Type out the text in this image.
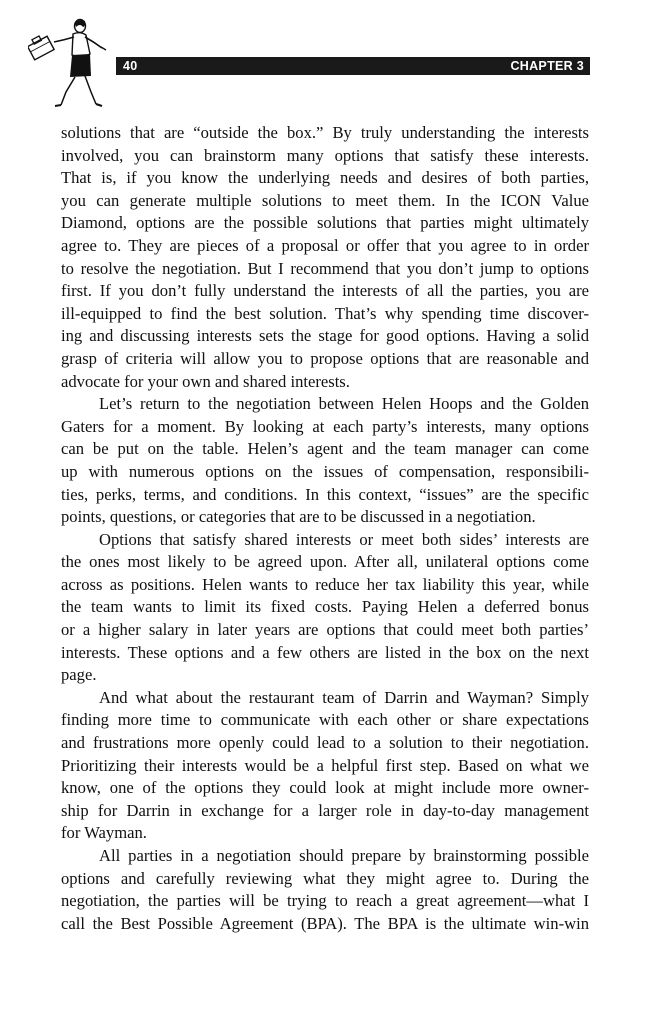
40	CHAPTER 3

solutions that are “outside the box.” By truly understanding the interests
involved, you can brainstorm many options that satisfy these interests.
That is, if you know the underlying needs and desires of both parties,
you can generate multiple solutions to meet them. In the ICON Value
Diamond, options are the possible solutions that parties might ultimately
agree to. They are pieces of a proposal or offer that you agree to in order
to resolve the negotiation. But I recommend that you don’t jump to options
first. If you don’t fully understand the interests of all the parties, you are
ill-equipped to find the best solution. That’s why spending time discover-
ing and discussing interests sets the stage for good options. Having a solid
grasp of criteria will allow you to propose options that are reasonable and
advocate for your own and shared interests.

Let’s return to the negotiation between Helen Hoops and the Golden
Gaters for a moment. By looking at each party’s interests, many options
can be put on the table. Helen’s agent and the team manager can come
up with numerous options on the issues of compensation, responsibili-
ties, perks, terms, and conditions. In this context, “issues” are the specific
points, questions, or categories that are to be discussed in a negotiation.

Options that satisfy shared interests or meet both sides’ interests are
the ones most likely to be agreed upon. After all, unilateral options come
across as positions. Helen wants to reduce her tax liability this year, while
the team wants to limit its fixed costs. Paying Helen a deferred bonus
or a higher salary in later years are options that could meet both parties’
interests. These options and a few others are listed in the box on the next
page.

And what about the restaurant team of Darrin and Wayman? Simply
finding more time to communicate with each other or share expectations
and frustrations more openly could lead to a solution to their negotiation.
Prioritizing their interests would be a helpful first step. Based on what we
know, one of the options they could look at might include more owner-
ship for Darrin in exchange for a larger role in day-to-day management
for Wayman.

All parties in a negotiation should prepare by brainstorming possible
options and carefully reviewing what they might agree to. During the
negotiation, the parties will be trying to reach a great agreement—what I
call the Best Possible Agreement (BPA). The BPA is the ultimate win-win
